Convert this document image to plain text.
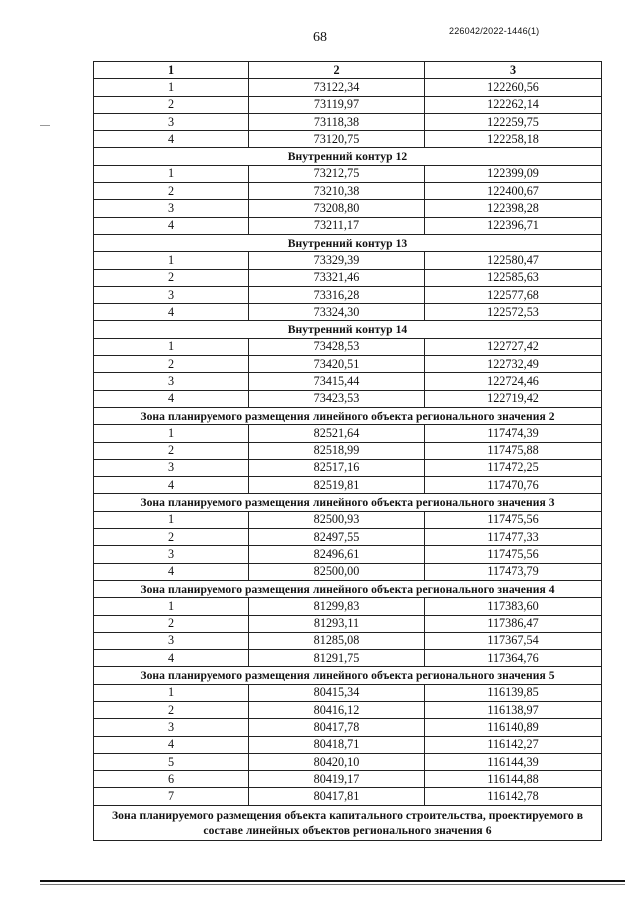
68	226042/2022-1446(1)
1	2	3
1	73122,34	122260,56
2	73119,97	122262,14
3	73118,38	122259,75
4	73120,75	122258,18
Внутренний контур 12		
1	73212,75	122399,09
2	73210,38	122400,67
3	73208,80	122398,28
4	73211,17	122396,71
Внутренний контур 13		
1	73329,39	122580,47
2	73321,46	122585,63
3	73316,28	122577,68
4	73324,30	122572,53
Внутренний контур 14		
1	73428,53	122727,42
2	73420,51	122732,49
3	73415,44	122724,46
4	73423,53	122719,42
Зона планируемого размещения линейного объекта регионального значения 2		
1	82521,64	117474,39
2	82518,99	117475,88
3	82517,16	117472,25
4	82519,81	117470,76
Зона планируемого размещения линейного объекта регионального значения 3		
1	82500,93	117475,56
2	82497,55	117477,33
3	82496,61	117475,56
4	82500,00	117473,79
Зона планируемого размещения линейного объекта регионального значения 4		
1	81299,83	117383,60
2	81293,11	117386,47
3	81285,08	117367,54
4	81291,75	117364,76
Зона планируемого размещения линейного объекта регионального значения 5		
1	80415,34	116139,85
2	80416,12	116138,97
3	80417,78	116140,89
4	80418,71	116142,27
5	80420,10	116144,39
6	80419,17	116144,88
7	80417,81	116142,78
Зона планируемого размещения объекта капитального строительства, проектируемого в составе линейных объектов регионального значения 6		
